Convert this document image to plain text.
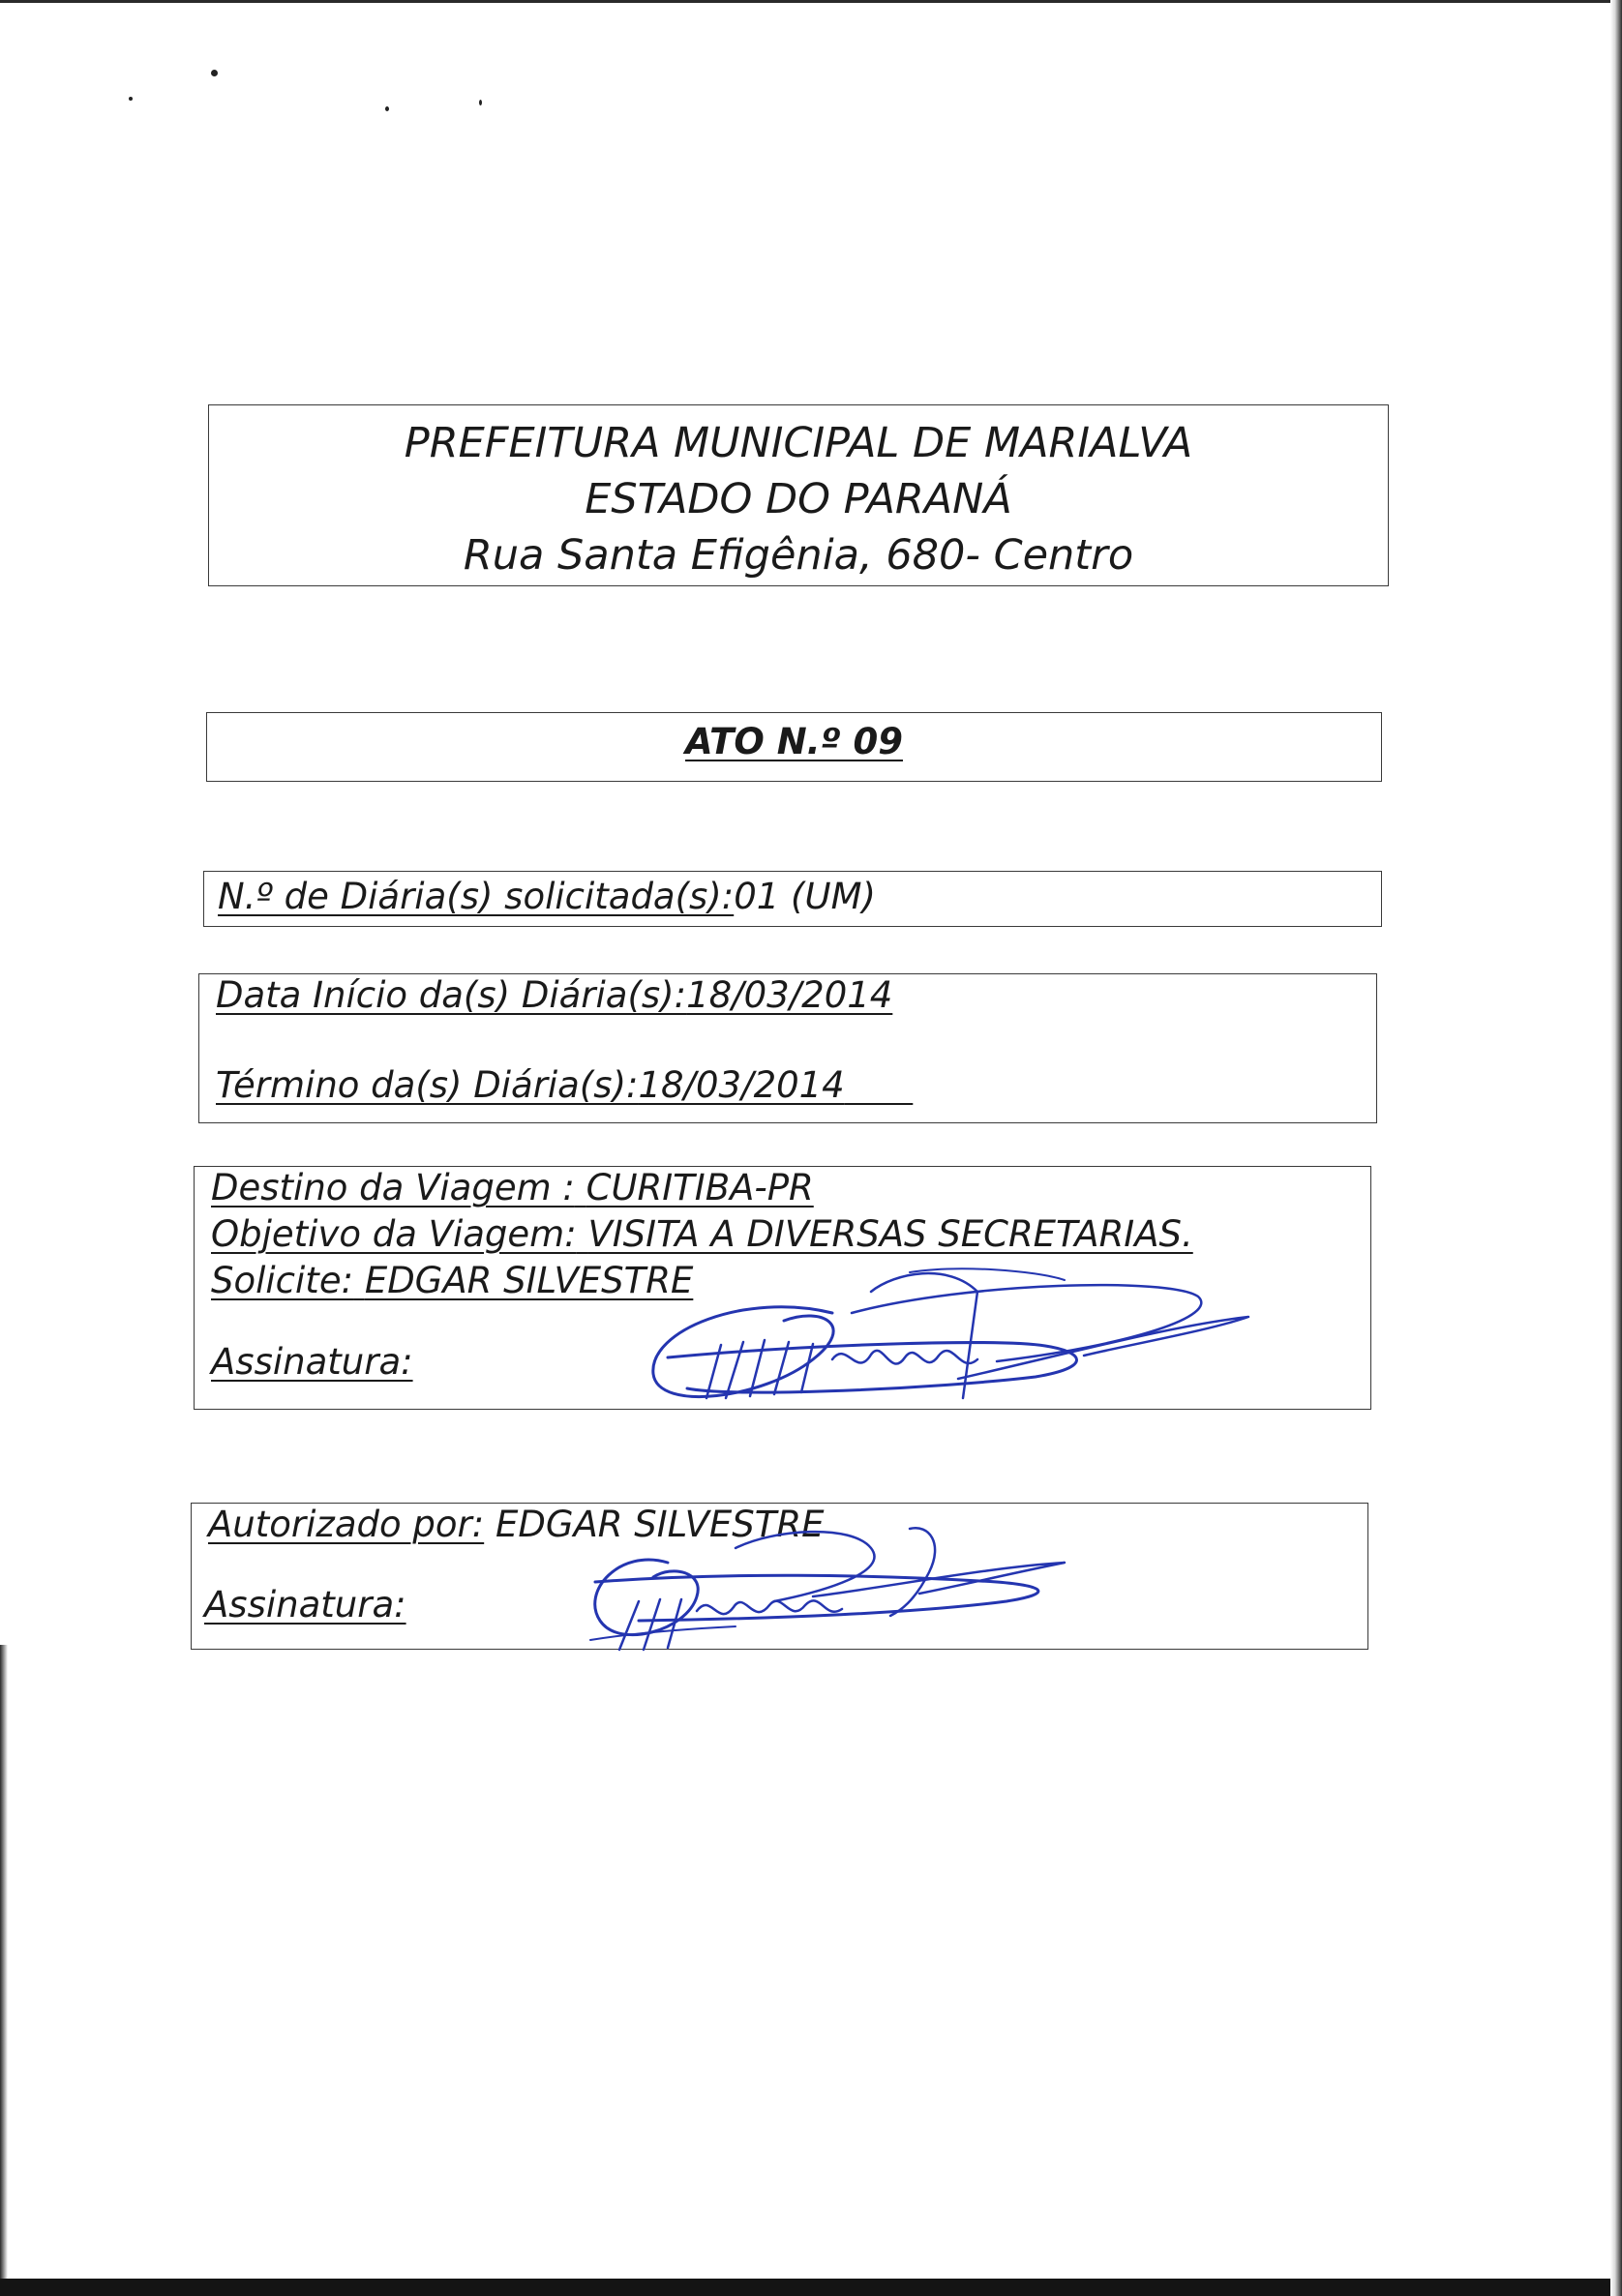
PREFEITURA MUNICIPAL DE MARIALVA
ESTADO DO PARANÁ
Rua Santa Efigênia, 680- Centro
ATO N.º 09
N.º de Diária(s) solicitada(s):01 (UM)
Data Início da(s) Diária(s):18/03/2014
Término da(s) Diária(s):18/03/2014
Destino da Viagem : CURITIBA-PR
Objetivo da Viagem: VISITA A DIVERSAS SECRETARIAS.
Solicite: EDGAR SILVESTRE
Assinatura:
Autorizado por: EDGAR SILVESTRE
Assinatura:
